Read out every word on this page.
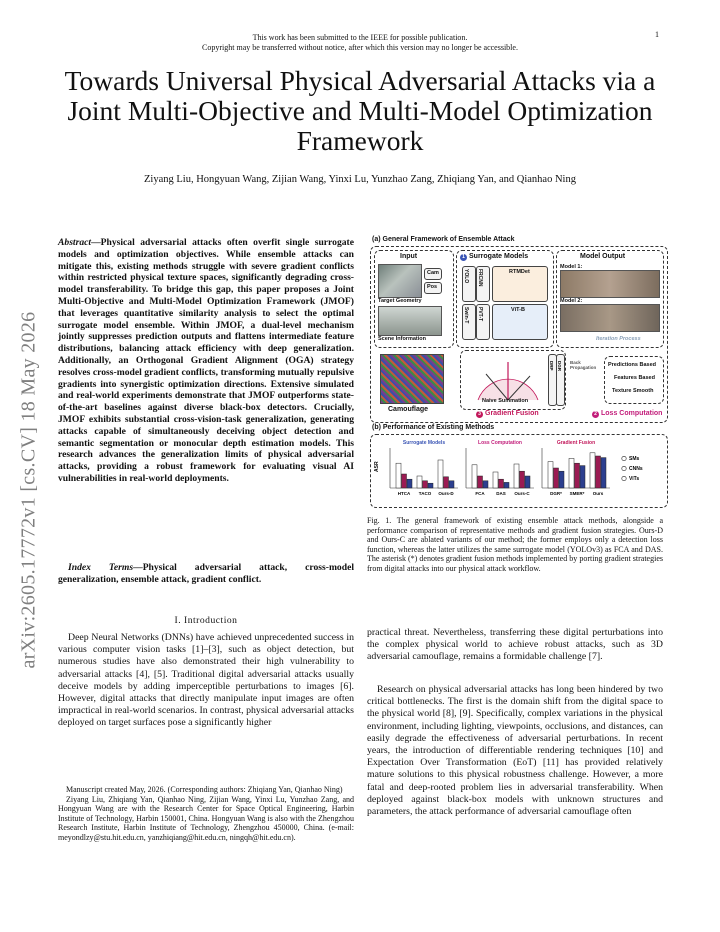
This work has been submitted to the IEEE for possible publication.
Copyright may be transferred without notice, after which this version may no longer be accessible.
1
arXiv:2605.17772v1 [cs.CV] 18 May 2026
Towards Universal Physical Adversarial Attacks via a Joint Multi-Objective and Multi-Model Optimization Framework
Ziyang Liu, Hongyuan Wang, Zijian Wang, Yinxi Lu, Yunzhao Zang, Zhiqiang Yan, and Qianhao Ning
Abstract—Physical adversarial attacks often overfit single surrogate models and optimization objectives. While ensemble attacks can mitigate this, existing methods struggle with severe gradient conflicts within restricted physical texture spaces, significantly degrading cross-model transferability. To bridge this gap, this paper proposes a Joint Multi-Objective and Multi-Model Optimization Framework (JMOF) that leverages quantitative similarity analysis to select the optimal surrogate model ensemble. Within JMOF, a dual-level mechanism jointly suppresses prediction outputs and flattens intermediate feature distributions, balancing attack efficiency with deep generalization. Additionally, an Orthogonal Gradient Alignment (OGA) strategy resolves cross-model gradient conflicts, transforming mutually repulsive gradients into synergistic optimization directions. Extensive simulated and real-world experiments demonstrate that JMOF outperforms state-of-the-art baselines against diverse black-box detectors. Crucially, JMOF exhibits substantial cross-vision-task generalization, generating attacks capable of simultaneously deceiving object detection and semantic segmentation or monocular depth estimation models. This research advances the generalization limits of physical adversarial attacks, providing a robust framework for evaluating visual AI vulnerabilities in real-world deployments.
Index Terms—Physical adversarial attack, cross-model generalization, ensemble attack, gradient conflict.
I. Introduction
Deep Neural Networks (DNNs) have achieved unprecedented success in various computer vision tasks [1]–[3], such as object detection, but numerous studies have also demonstrated their high vulnerability to adversarial attacks [4], [5]. Traditional digital adversarial attacks usually deceive models by adding imperceptible perturbations to images [6]. However, digital attacks that directly manipulate input images are often impractical in real-world scenarios. In contrast, physical adversarial attacks deployed on target surfaces pose a significantly higher

Manuscript created May, 2026. (Corresponding authors: Zhiqiang Yan, Qianhao Ning)

Ziyang Liu, Zhiqiang Yan, Qianhao Ning, Zijian Wang, Yinxi Lu, Yunzhao Zang, and Hongyuan Wang are with the Research Center for Space Optical Engineering, Harbin Institute of Technology, Harbin 150001, China. Hongyuan Wang is also with the Zhengzhou Research Institute, Harbin Institute of Technology, Zhengzhou 450000, China. (e-mail: meyondlzy@stu.hit.edu.cn, yanzhiqiang@hit.edu.cn, ningqh@hit.edu.cn).

practical threat. Nevertheless, transferring these digital perturbations into the complex physical world to achieve robust attacks, such as 3D adversarial camouflage, remains a formidable challenge [7].
Research on physical adversarial attacks has long been hindered by two critical bottlenecks. The first is the domain shift from the digital space to the physical world [8], [9]. Specifically, complex variations in the physical environment, including lighting, viewpoints, occlusions, and distances, can easily degrade the effectiveness of adversarial perturbations. In recent years, the introduction of differentiable rendering techniques [10] and Expectation Over Transformation (EoT) [11] has provided relatively mature solutions to this physical robustness challenge. However, a more fatal and deep-rooted problem lies in adversarial transferability. When deployed against black-box models with unknown structures and parameters, the attack performance of adversarial camouflage often
(a) General Framework of Ensemble Attack
Input
Cam
Pos
Target Geometry
Scene Information
1 Surrogate Models
YOLO FRCNN	RTMDet
Swin-T PVT-T	ViT-B
Model Output
Model 1:
Model 2:
Iteration Process
Camouflage
Naive Summation
DRP DGR
3 Gradient Fusion
Back Propagation	Predictions Based
Features Based
Texture Smooth
2 Loss Computation
(b) Performance of Existing Methods
ASR
Surrogate Models
HTCA TACO Ours-D
Loss Computation
FCA	DAS Ours-C
Gradient Fusion
DGR* SMER* Ours
SMs
CNNs
ViTs
Fig. 1. The general framework of existing ensemble attack methods, alongside a performance comparison of representative methods and gradient fusion strategies. Ours-D and Ours-C are ablated variants of our method; the former employs only a detection loss function, whereas the latter utilizes the same surrogate model (YOLOv3) as FCA and DAS. The asterisk (*) denotes gradient fusion methods implemented by porting gradient strategies from digital attacks into our physical attack workflow.
